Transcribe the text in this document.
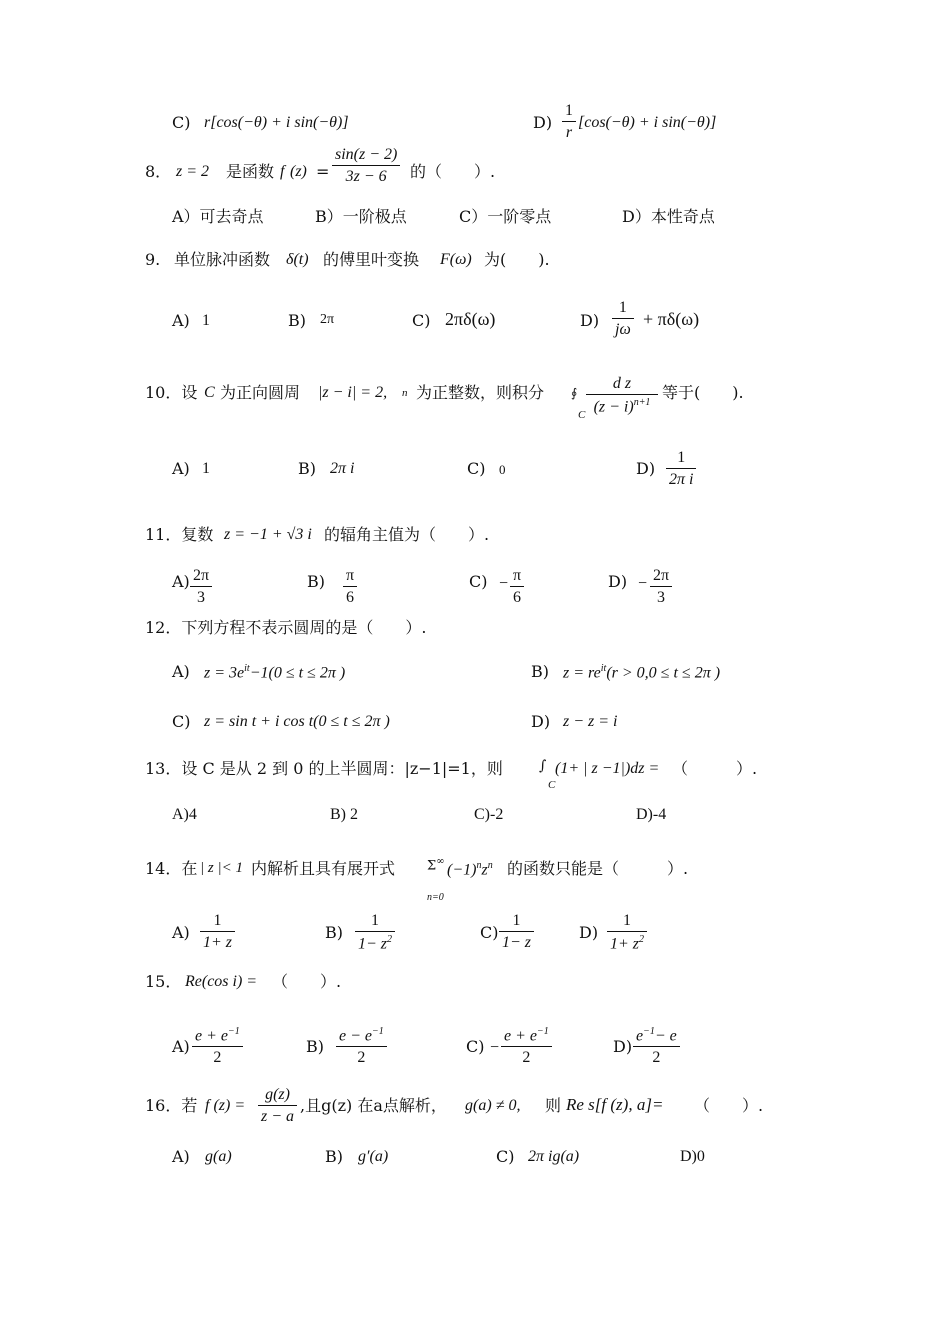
C) r[cos(−θ) + i sin(−θ)]	D)
1
r
[cos(−θ) + i sin(−θ)]
8． z = 2 是函数 f (z) =
sin(z − 2)
3z − 6 的（　　）.
A）可去奇点	B）一阶极点	C）一阶零点	D）本性奇点
9. 单位脉冲函数 δ(t) 的傅里叶变换 F(ω) 为(　　).
A) 1	B) 2π	C) 2πδ(ω)	D)
1
jω
+ πδ(ω)
10．设 C 为正向圆周 |z − i| = 2, n 为正整数，则积分 ∮
C
d z
$(z - i)^{n+1}$
等于(　　).
A) 1	B) 2π i	C) 0	D)
1
2π i
11．复数 z = −1 + √3 i 的辐角主值为（　　）.
A) 2π
3
B) π
6
C) − π
6
D) − 2π
3
12．下列方程不表示圆周的是（　　）.
A) $z = 3e^{it}-1(0 \le t \le 2\pi$ )	B) $z = re^{it}(r > 0,0 \le t \le 2\pi$ )
C) z = sin t + i cos t(0 ≤ t ≤ 2π )	D) z − z = i
13．设 C 是从 2 到 0 的上半圆周：|z−1|=1，则	∫
C
(1+ | z −1|)dz = （　　　）.
A)4	B) 2	C)-2	D)-4
14．在 | z |< 1 内解析且具有展开式 Σ∞
n=0
$(-1)^nz^n$ 的函数只能是（　　　）.
A)
1
1+ z
B)
1
$1- z^2$	C)
1
1− z
D)
1
$1+ z^2$
15． Re(cos i) = （　　）.
A)
$e + e^{-1}$
2
B)
$e - e^{-1}$
2
C) −
$e + e^{-1}$
2
D)
$e^{-1}- e$
2
16．若 f (z) =
g(z)
z − a
,且g(z) 在a点解析， g(a) ≠ 0, 则 Re s[f (z), a]= （　　）.
A) g(a)	B) g′(a)	C) 2π ig(a)	D)0
